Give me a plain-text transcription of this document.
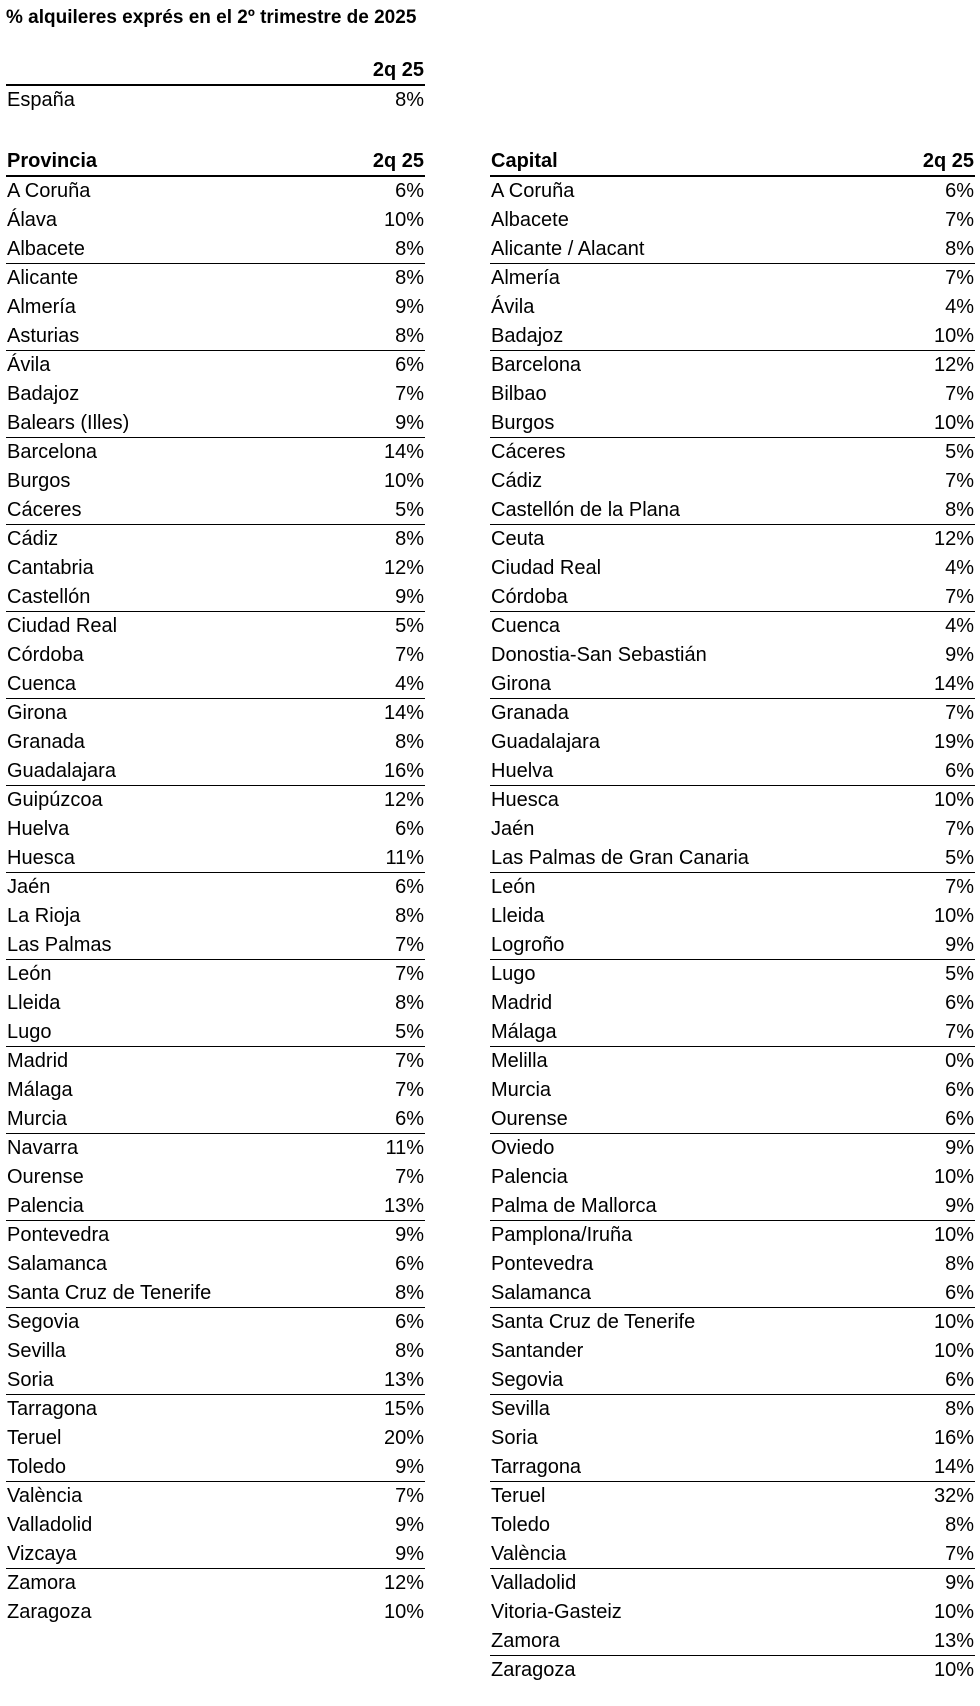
% alquileres exprés en el 2º trimestre de 2025
2q 25
España	8%
Provincia	2q 25
A Coruña	6%
Álava	10%
Albacete	8%
Alicante	8%
Almería	9%
Asturias	8%
Ávila	6%
Badajoz	7%
Balears (Illes)	9%
Barcelona	14%
Burgos	10%
Cáceres	5%
Cádiz	8%
Cantabria	12%
Castellón	9%
Ciudad Real	5%
Córdoba	7%
Cuenca	4%
Girona	14%
Granada	8%
Guadalajara	16%
Guipúzcoa	12%
Huelva	6%
Huesca	11%
Jaén	6%
La Rioja	8%
Las Palmas	7%
León	7%
Lleida	8%
Lugo	5%
Madrid	7%
Málaga	7%
Murcia	6%
Navarra	11%
Ourense	7%
Palencia	13%
Pontevedra	9%
Salamanca	6%
Santa Cruz de Tenerife	8%
Segovia	6%
Sevilla	8%
Soria	13%
Tarragona	15%
Teruel	20%
Toledo	9%
València	7%
Valladolid	9%
Vizcaya	9%
Zamora	12%
Zaragoza	10%
Capital	2q 25
A Coruña	6%
Albacete	7%
Alicante / Alacant	8%
Almería	7%
Ávila	4%
Badajoz	10%
Barcelona	12%
Bilbao	7%
Burgos	10%
Cáceres	5%
Cádiz	7%
Castellón de la Plana	8%
Ceuta	12%
Ciudad Real	4%
Córdoba	7%
Cuenca	4%
Donostia-San Sebastián	9%
Girona	14%
Granada	7%
Guadalajara	19%
Huelva	6%
Huesca	10%
Jaén	7%
Las Palmas de Gran Canaria	5%
León	7%
Lleida	10%
Logroño	9%
Lugo	5%
Madrid	6%
Málaga	7%
Melilla	0%
Murcia	6%
Ourense	6%
Oviedo	9%
Palencia	10%
Palma de Mallorca	9%
Pamplona/Iruña	10%
Pontevedra	8%
Salamanca	6%
Santa Cruz de Tenerife	10%
Santander	10%
Segovia	6%
Sevilla	8%
Soria	16%
Tarragona	14%
Teruel	32%
Toledo	8%
València	7%
Valladolid	9%
Vitoria-Gasteiz	10%
Zamora	13%
Zaragoza	10%
